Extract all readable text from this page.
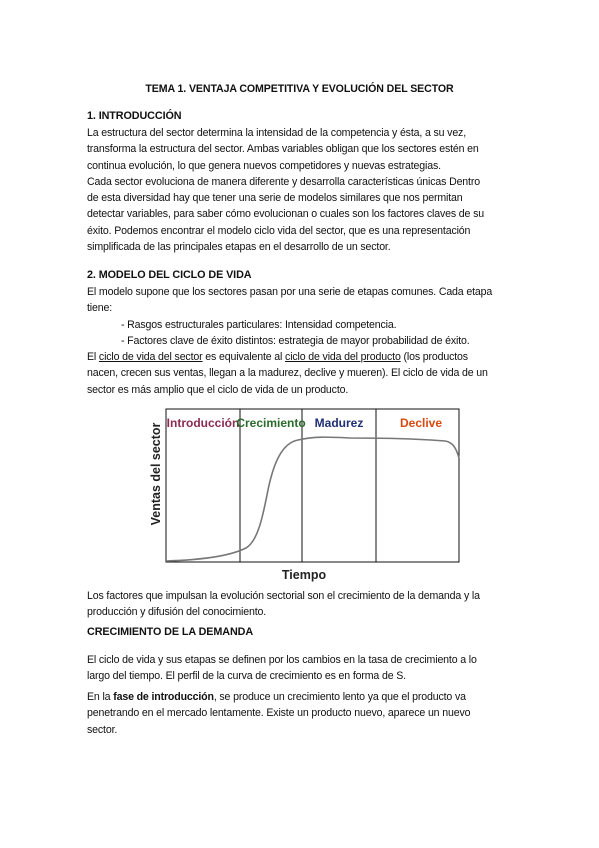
TEMA 1. VENTAJA COMPETITIVA Y EVOLUCIÓN DEL SECTOR
1. INTRODUCCIÓN
La estructura del sector determina la intensidad de la competencia y ésta, a su vez,
transforma la estructura del sector. Ambas variables obligan que los sectores estén en
continua evolución, lo que genera nuevos competidores y nuevas estrategias.
Cada sector evoluciona de manera diferente y desarrolla características únicas Dentro
de esta diversidad hay que tener una serie de modelos similares que nos permitan
detectar variables, para saber cómo evolucionan o cuales son los factores claves de su
éxito. Podemos encontrar el modelo ciclo vida del sector, que es una representación
simplificada de las principales etapas en el desarrollo de un sector.
2. MODELO DEL CICLO DE VIDA
El modelo supone que los sectores pasan por una serie de etapas comunes. Cada etapa
tiene:
- Rasgos estructurales particulares: Intensidad competencia.
- Factores clave de éxito distintos: estrategia de mayor probabilidad de éxito.
El ciclo de vida del sector es equivalente al ciclo de vida del producto (los productos
nacen, crecen sus ventas, llegan a la madurez, declive y mueren). El ciclo de vida de un
sector es más amplio que el ciclo de vida de un producto.
Ventas del sector Introducción
Crecimiento Madurez	Declive
Tiempo
Los factores que impulsan la evolución sectorial son el crecimiento de la demanda y la
producción y difusión del conocimiento.
CRECIMIENTO DE LA DEMANDA
El ciclo de vida y sus etapas se definen por los cambios en la tasa de crecimiento a lo
largo del tiempo. El perfil de la curva de crecimiento es en forma de S.
En la fase de introducción, se produce un crecimiento lento ya que el producto va
penetrando en el mercado lentamente. Existe un producto nuevo, aparece un nuevo
sector.
